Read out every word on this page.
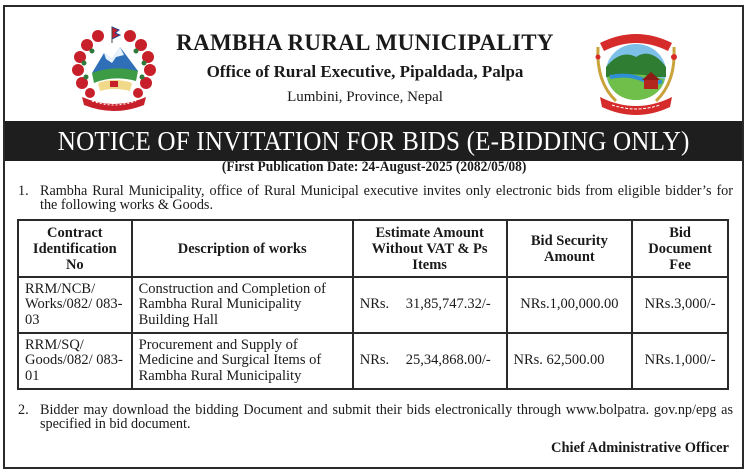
RAMBHA RURAL MUNICIPALITY
Office of Rural Executive, Pipaldada, Palpa
Lumbini, Province, Nepal
NOTICE OF INVITATION FOR BIDS (E-BIDDING ONLY)
(First Publication Date: 24-August-2025 (2082/05/08)
1. Rambha Rural Municipality, office of Rural Municipal executive invites only electronic bids from eligible bidder’s for the following works & Goods.
Contract Identification No	Description of works	Estimate Amount Without VAT & Ps Items	Bid Security Amount	Bid Document Fee
RRM/NCB/ Works/082/ 083-03	Construction and Completion of Rambha Rural Municipality Building Hall	NRs. 31,85,747.32/-	NRs.1,00,000.00	NRs.3,000/-
RRM/SQ/ Goods/082/ 083-01	Procurement and Supply of Medicine and Surgical Items of Rambha Rural Municipality	NRs. 25,34,868.00/-	NRs. 62,500.00	NRs.1,000/-
2. Bidder may download the bidding Document and submit their bids electronically through www.bolpatra. gov.np/epg as specified in bid document.
Chief Administrative Officer
